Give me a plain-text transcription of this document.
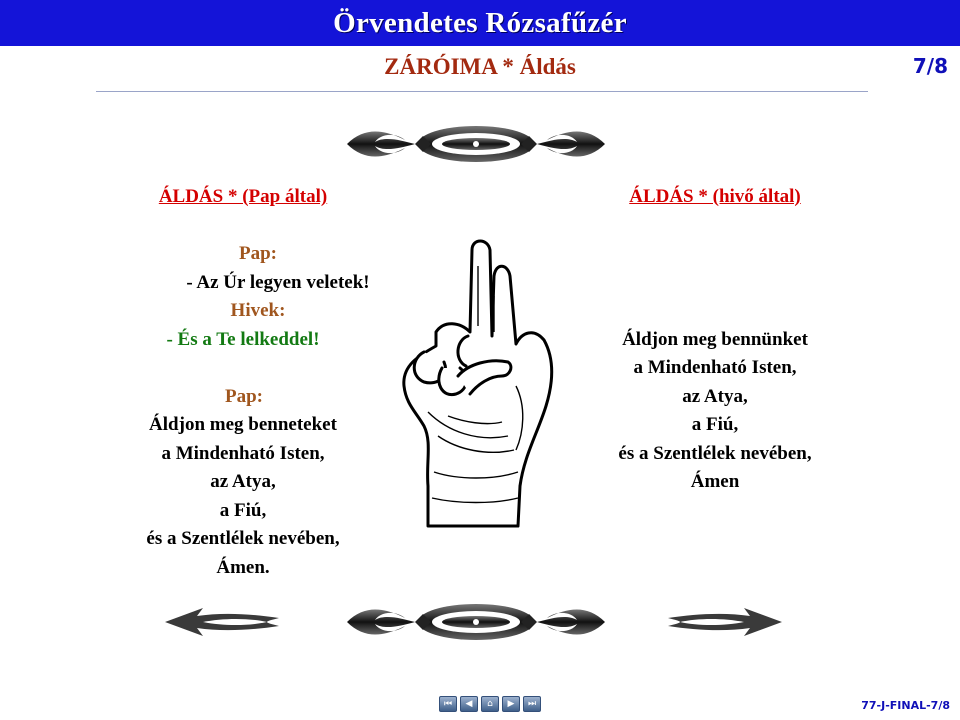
Örvendetes Rózsafűzér
ZÁRÓIMA * Áldás	7/8
ÁLDÁS * (Pap által)
Pap:
- Az Úr legyen veletek!
Hivek:
- És a Te lelkeddel!
Pap:
Áldjon meg benneteket
a Mindenható Isten,
az Atya,
a Fiú,
és a Szentlélek nevében,
Ámen.
ÁLDÁS * (hivő által)
Áldjon meg bennünket
a Mindenható Isten,
az Atya,
a Fiú,
és a Szentlélek nevében,
Ámen
⏮	◀	⌂	▶	⏭	77-J-FINAL-7/8
